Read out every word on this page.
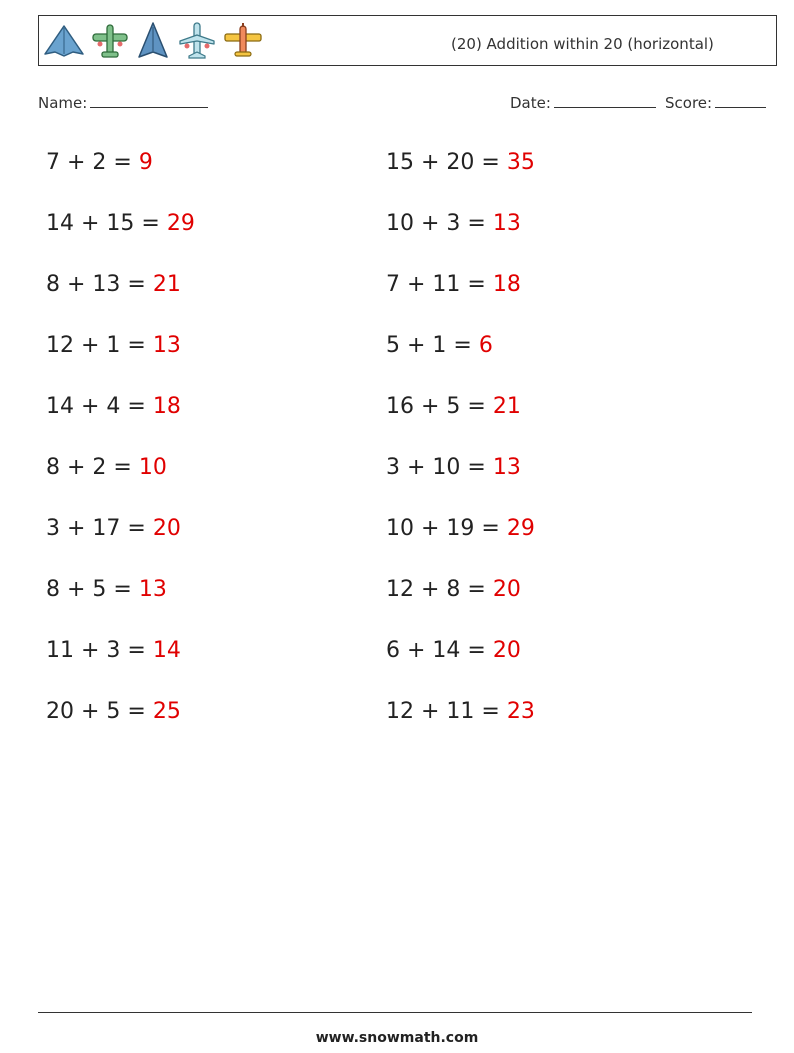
(20) Addition within 20 (horizontal)
Name:	Date:	Score:
7 + 2 = 9	15 + 20 = 35
14 + 15 = 29	10 + 3 = 13
8 + 13 = 21	7 + 11 = 18
12 + 1 = 13	5 + 1 = 6
14 + 4 = 18	16 + 5 = 21
8 + 2 = 10	3 + 10 = 13
3 + 17 = 20	10 + 19 = 29
8 + 5 = 13	12 + 8 = 20
11 + 3 = 14	6 + 14 = 20
20 + 5 = 25	12 + 11 = 23
www.snowmath.com
